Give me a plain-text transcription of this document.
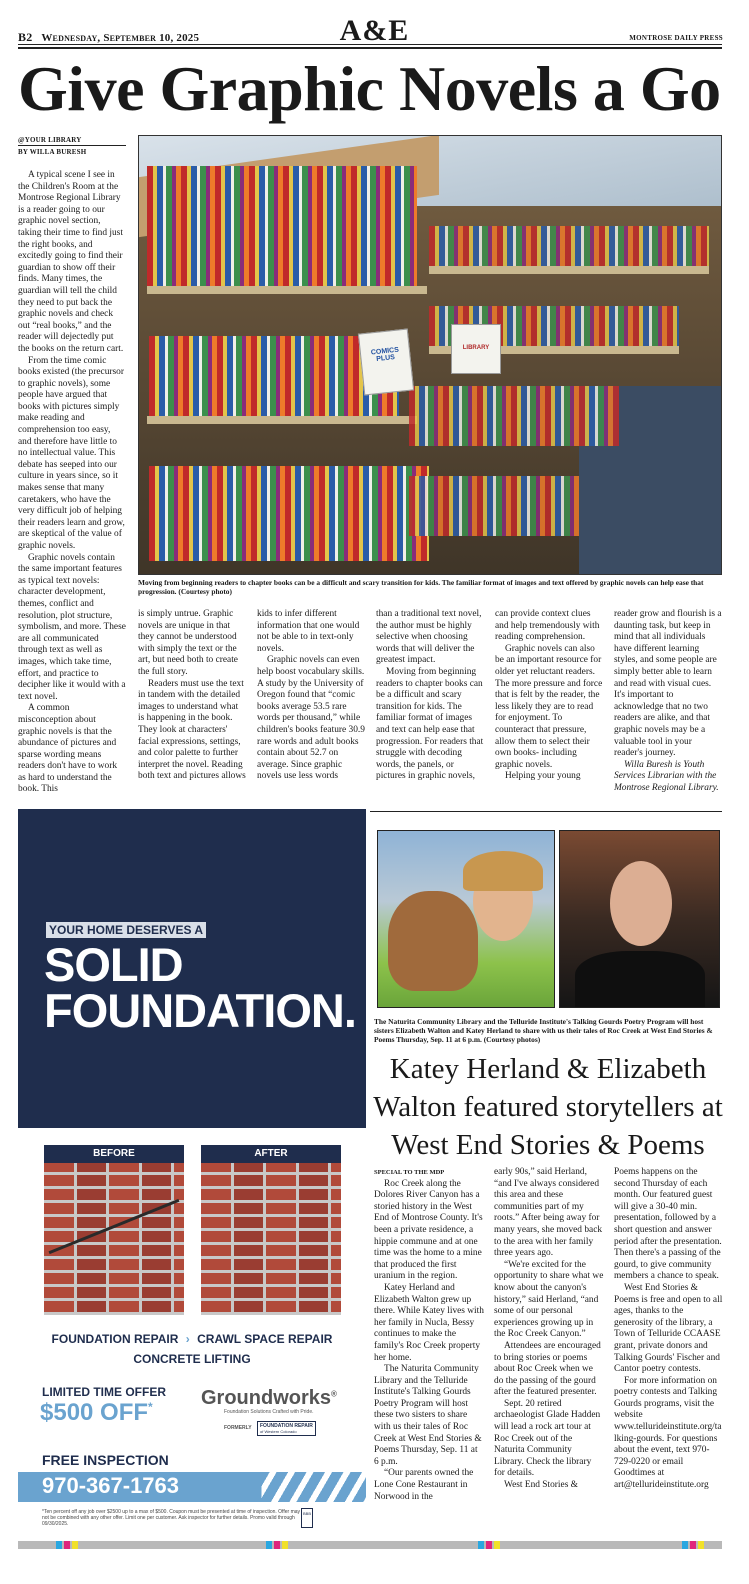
B2 Wednesday, September 10, 2025	A&E	MONTROSE DAILY PRESS
Give Graphic Novels a Go
@YOUR LIBRARY
BY WILLA BURESH

A typical scene I see in the Children's Room at the Montrose Regional Library is a reader going to our graphic novel section, taking their time to find just the right books, and excitedly going to find their guardian to show off their finds. Many times, the guardian will tell the child they need to put back the graphic novels and check out “real books,” and the reader will dejectedly put the books on the return cart.

From the time comic books existed (the precursor to graphic novels), some people have argued that books with pictures simply make reading and comprehension too easy, and therefore have little to no intellectual value. This debate has seeped into our culture in years since, so it makes sense that many caretakers, who have the very difficult job of helping their readers learn and grow, are skeptical of the value of graphic novels.

Graphic novels contain the same important features as typical text novels: character development, themes, conflict and resolution, plot structure, symbolism, and more. These are all communicated through text as well as images, which take time, effort, and practice to decipher like it would with a text novel.

A common misconception about graphic novels is that the abundance of pictures and sparse wording means readers don't have to work as hard to understand the book. This

COMICS PLUS
LIBRARY
Moving from beginning readers to chapter books can be a difficult and scary transition for kids. The familiar format of images and text offered by graphic novels can help ease that progression. (Courtesy photo)

is simply untrue. Graphic novels are unique in that they cannot be understood with simply the text or the art, but need both to create the full story.

Readers must use the text in tandem with the detailed images to understand what is happening in the book. They look at characters' facial expressions, settings, and color palette to further interpret the novel. Reading both text and pictures allows

kids to infer different information that one would not be able to in text-only novels.

Graphic novels can even help boost vocabulary skills. A study by the University of Oregon found that “comic books average 53.5 rare words per thousand,” while children's books feature 30.9 rare words and adult books contain about 52.7 on average. Since graphic novels use less words

than a traditional text novel, the author must be highly selective when choosing words that will deliver the greatest impact.

Moving from beginning readers to chapter books can be a difficult and scary transition for kids. The familiar format of images and text can help ease that progression. For readers that struggle with decoding words, the panels, or pictures in graphic novels,

can provide context clues and help tremendously with reading comprehension.

Graphic novels can also be an important resource for older yet reluctant readers. The more pressure and force that is felt by the reader, the less likely they are to read for enjoyment. To counteract that pressure, allow them to select their own books- including graphic novels.

Helping your young

reader grow and flourish is a daunting task, but keep in mind that all individuals have different learning styles, and some people are simply better able to learn and read with visual cues. It's important to acknowledge that no two readers are alike, and that graphic novels may be a valuable tool in your reader's journey.

Willa Buresh is Youth Services Librarian with the Montrose Regional Library.

YOUR HOME DESERVES A
SOLID
FOUNDATION.
BEFORE	AFTER
FOUNDATION REPAIR › CRAWL SPACE REPAIR
CONCRETE LIFTING
LIMITED TIME OFFER
$500 OFF* Groundworks®
Foundation Solutions Crafted with Pride.
FORMERLY FOUNDATION REPAIR
of Western Colorado
FREE INSPECTION
970-367-1763
*Ten percent off any job over $2500 up to a max of $500. Coupon must be presented at time of inspection. Offer may not be combined with any other offer. Limit one per customer. Ask inspector for further details. Promo valid through 09/30/2025.
BBB
The Naturita Community Library and the Telluride Institute's Talking Gourds Poetry Program will host sisters Elizabeth Walton and Katey Herland to share with us their tales of Roc Creek at West End Stories & Poems Thursday, Sep. 11 at 6 p.m. (Courtesy photos)
Katey Herland & Elizabeth Walton featured storytellers at West End Stories & Poems
SPECIAL TO THE MDP

Roc Creek along the Dolores River Canyon has a storied history in the West End of Montrose County. It's been a private residence, a hippie commune and at one time was the home to a mine that produced the first uranium in the region.

Katey Herland and Elizabeth Walton grew up there. While Katey lives with her family in Nucla, Bessy continues to make the family's Roc Creek property her home.

The Naturita Community Library and the Telluride Institute's Talking Gourds Poetry Program will host these two sisters to share with us their tales of Roc Creek at West End Stories & Poems Thursday, Sep. 11 at 6 p.m.

“Our parents owned the Lone Cone Restaurant in Norwood in the

early 90s,” said Herland, “and I've always considered this area and these communities part of my roots.” After being away for many years, she moved back to the area with her family three years ago.

“We're excited for the opportunity to share what we know about the canyon's history,” said Herland, “and some of our personal experiences growing up in the Roc Creek Canyon.”

Attendees are encouraged to bring stories or poems about Roc Creek when we do the passing of the gourd after the featured presenter.

Sept. 20 retired archaeologist Glade Hadden will lead a rock art tour at Roc Creek out of the Naturita Community Library. Check the library for details.

West End Stories &

Poems happens on the second Thursday of each month. Our featured guest will give a 30-40 min. presentation, followed by a short question and answer period after the presentation. Then there's a passing of the gourd, to give community members a chance to speak.

West End Stories & Poems is free and open to all ages, thanks to the generosity of the library, a Town of Telluride CCAASE grant, private donors and Talking Gourds' Fischer and Cantor poetry contests.

For more information on poetry contests and Talking Gourds programs, visit the website www.tellurideinstitute.org/talking-gourds. For questions about the event, text 970-729-0220 or email Goodtimes at art@tellurideinstitute.org
